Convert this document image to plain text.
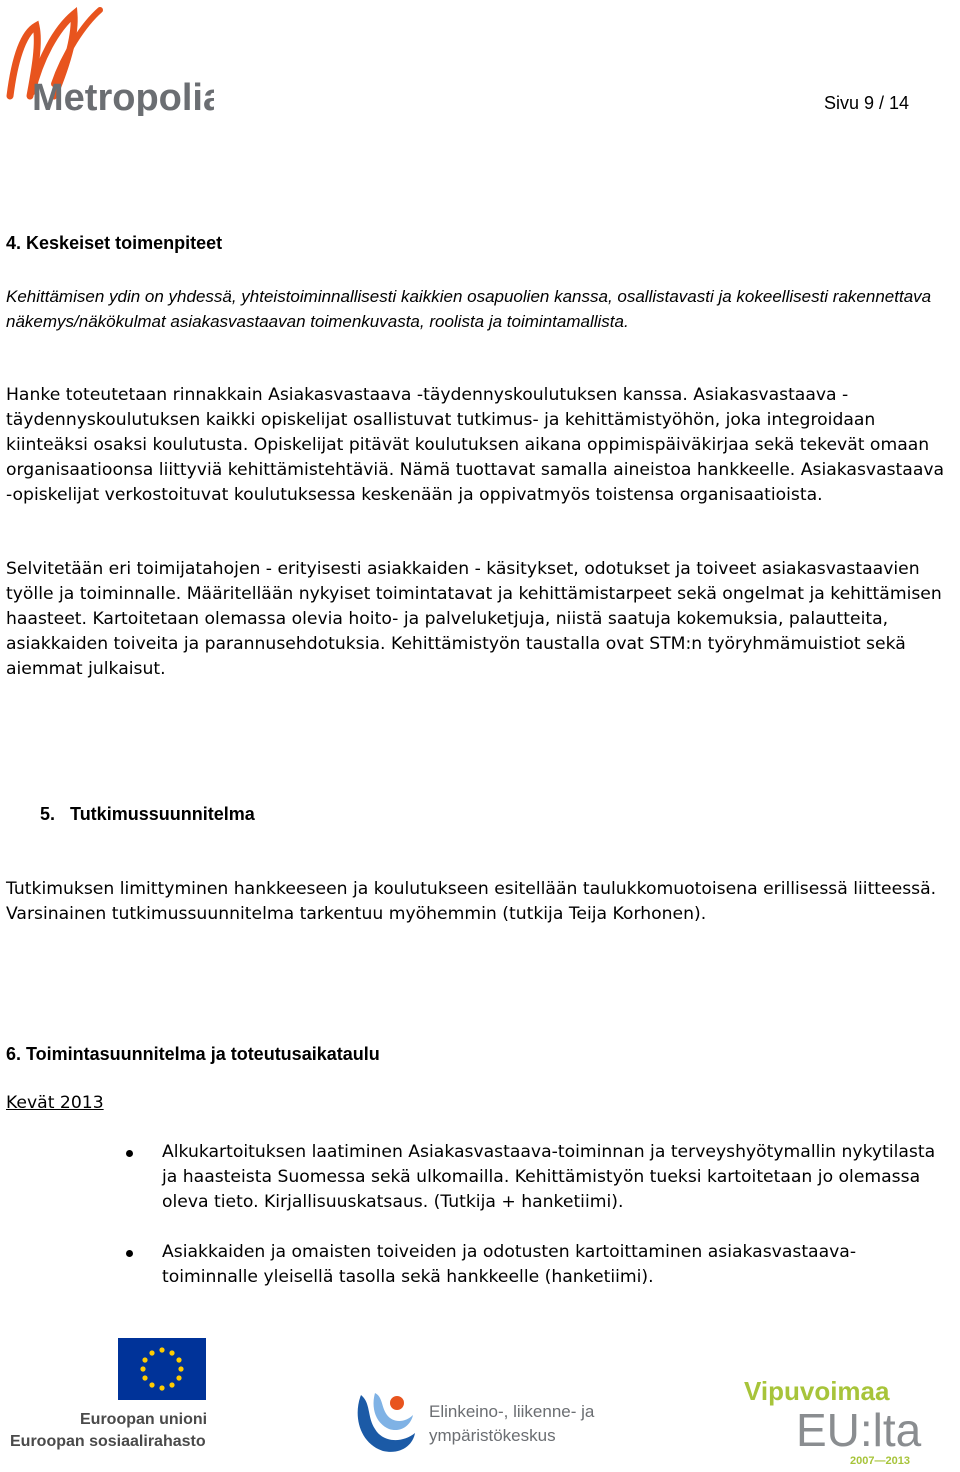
Metropolia	Sivu 9 / 14
4. Keskeiset toimenpiteet

Kehittämisen ydin on yhdessä, yhteistoiminnallisesti kaikkien osapuolien kanssa, osallistavasti ja kokeellisesti rakennettava näkemys/näkökulmat asiakasvastaavan toimenkuvasta, roolista ja toimintamallista.

Hanke toteutetaan rinnakkain Asiakasvastaava -täydennyskoulutuksen kanssa. Asiakasvastaava -täydennyskoulutuksen kaikki opiskelijat osallistuvat tutkimus- ja kehittämistyöhön, joka integroidaan kiinteäksi osaksi koulutusta. Opiskelijat pitävät koulutuksen aikana oppimispäiväkirjaa sekä tekevät omaan organisaatioonsa liittyviä kehittämistehtäviä. Nämä tuottavat samalla aineistoa hankkeelle. Asiakasvastaava -opiskelijat verkostoituvat koulutuksessa keskenään ja oppivatmyös toistensa organisaatioista.

Selvitetään eri toimijatahojen - erityisesti asiakkaiden - käsitykset, odotukset ja toiveet asiakasvastaavien työlle ja toiminnalle. Määritellään nykyiset toimintatavat ja kehittämistarpeet sekä ongelmat ja kehittämisen haasteet. Kartoitetaan olemassa olevia hoito- ja palveluketjuja, niistä saatuja kokemuksia, palautteita, asiakkaiden toiveita ja parannusehdotuksia. Kehittämistyön taustalla ovat STM:n työryhmämuistiot sekä aiemmat julkaisut.

5. Tutkimussuunnitelma

Tutkimuksen limittyminen hankkeeseen ja koulutukseen esitellään taulukkomuotoisena erillisessä liitteessä. Varsinainen tutkimussuunnitelma tarkentuu myöhemmin (tutkija Teija Korhonen).

6. Toimintasuunnitelma ja toteutusaikataulu
Kevät 2013
Alkukartoituksen laatiminen Asiakasvastaava-toiminnan ja terveyshyötymallin nykytilasta ja haasteista Suomessa sekä ulkomailla. Kehittämistyön tueksi kartoitetaan jo olemassa oleva tieto. Kirjallisuuskatsaus. (Tutkija + hanketiimi).
Asiakkaiden ja omaisten toiveiden ja odotusten kartoittaminen asiakasvastaava-toiminnalle yleisellä tasolla sekä hankkeelle (hanketiimi).
Euroopan unioni
Euroopan sosiaalirahasto
Elinkeino-, liikenne- ja
ympäristökeskus
Vipuvoimaa
EU:lta
2007—2013
